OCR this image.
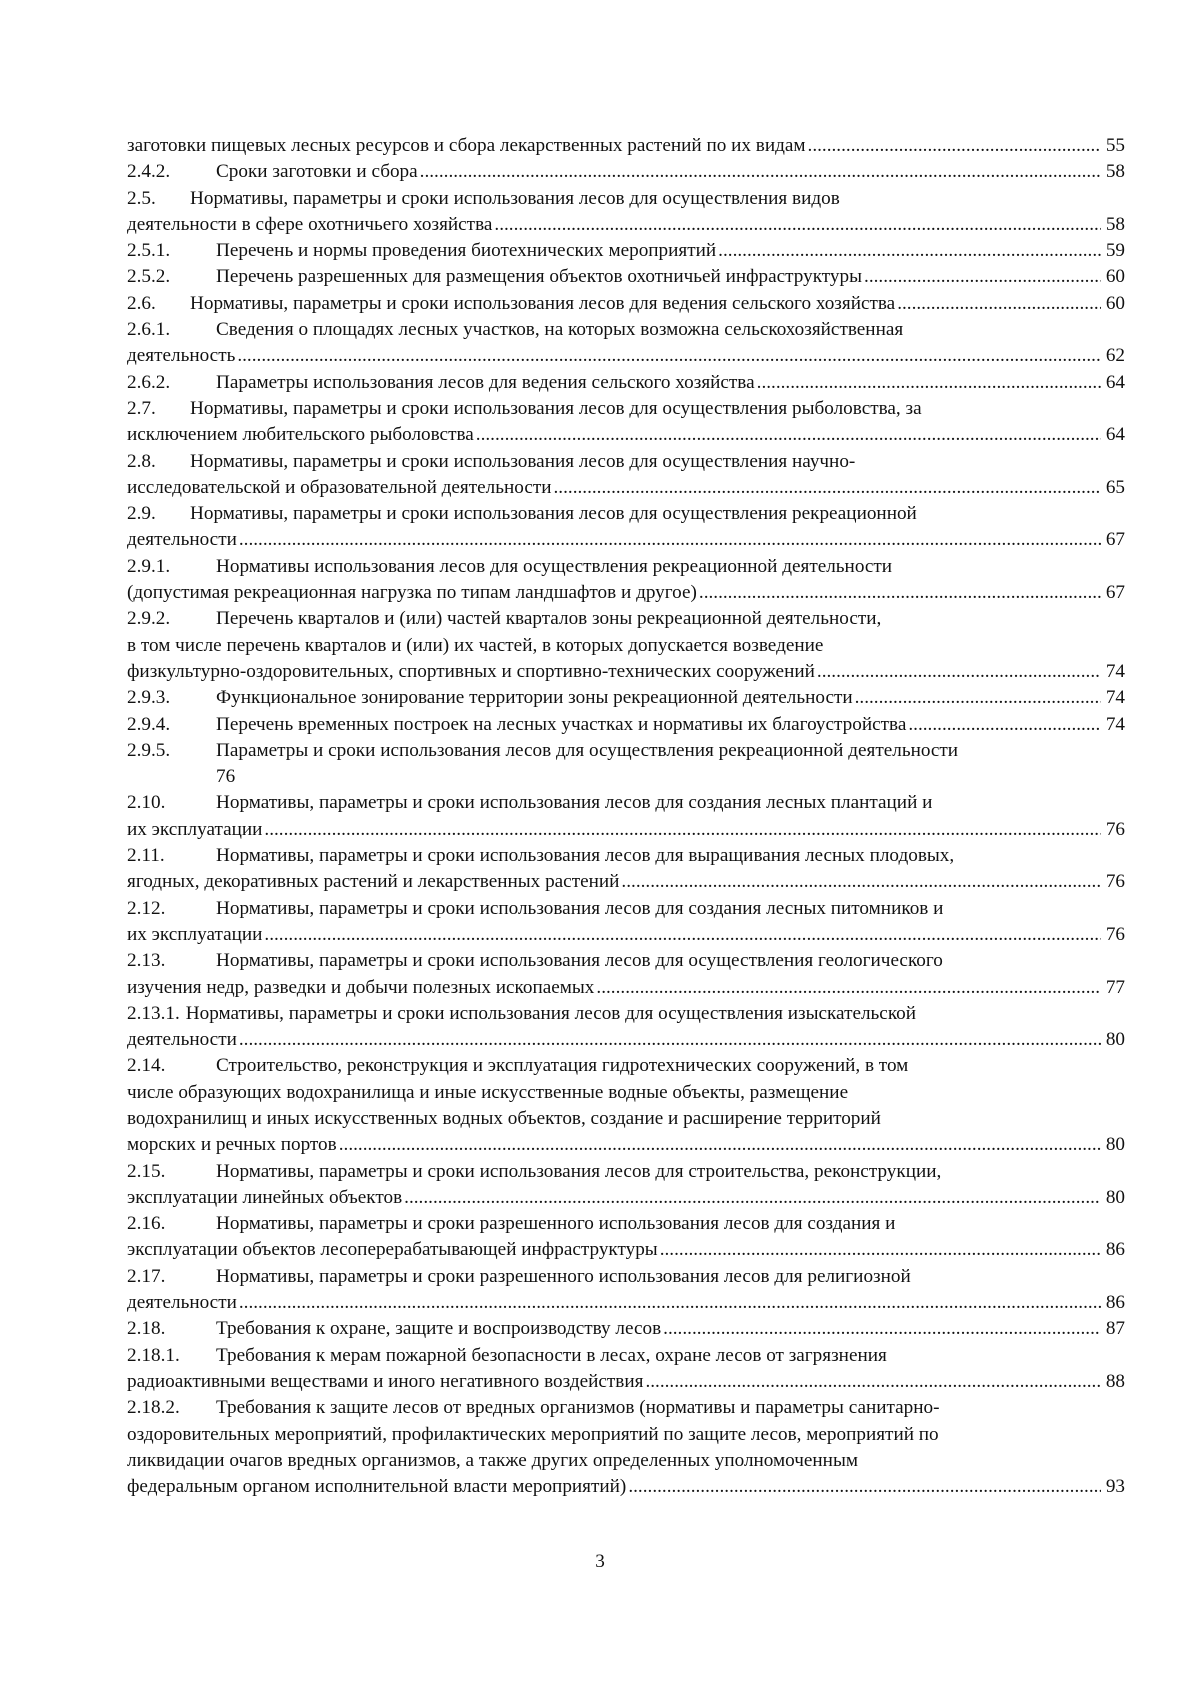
заготовки пищевых лесных ресурсов и сбора лекарственных растений по их видам .....	55
2.4.2.	Сроки заготовки и сбора .....	58
2.5.	Нормативы, параметры и сроки использования лесов для осуществления видов
деятельности в сфере охотничьего хозяйства .....	58
2.5.1.	Перечень и нормы проведения биотехнических мероприятий .....	59
2.5.2.	Перечень разрешенных для размещения объектов охотничьей инфраструктуры .....	60
2.6.	Нормативы, параметры и сроки использования лесов для ведения сельского хозяйства .....	60
2.6.1.	Сведения о площадях лесных участков, на которых возможна сельскохозяйственная
деятельность .....	62
2.6.2.	Параметры использования лесов для ведения сельского хозяйства .....	64
2.7.	Нормативы, параметры и сроки использования лесов для осуществления рыболовства, за
исключением любительского рыболовства .....	64
2.8.	Нормативы, параметры и сроки использования лесов для осуществления научно-
исследовательской и образовательной деятельности .....	65
2.9.	Нормативы, параметры и сроки использования лесов для осуществления рекреационной
деятельности .....	67
2.9.1.	Нормативы использования лесов для осуществления рекреационной деятельности
(допустимая рекреационная нагрузка по типам ландшафтов и другое) .....	67
2.9.2.	Перечень кварталов и (или) частей кварталов зоны рекреационной деятельности,
в том числе перечень кварталов и (или) их частей, в которых допускается возведение
физкультурно-оздоровительных, спортивных и спортивно-технических сооружений .....	74
2.9.3.	Функциональное зонирование территории зоны рекреационной деятельности .....	74
2.9.4.	Перечень временных построек на лесных участках и нормативы их благоустройства .....	74
2.9.5.	Параметры и сроки использования лесов для осуществления рекреационной деятельности
76
2.10.	Нормативы, параметры и сроки использования лесов для создания лесных плантаций и
их эксплуатации .....	76
2.11.	Нормативы, параметры и сроки использования лесов для выращивания лесных плодовых,
ягодных, декоративных растений и лекарственных растений .....	76
2.12.	Нормативы, параметры и сроки использования лесов для создания лесных питомников и
их эксплуатации .....	76
2.13.	Нормативы, параметры и сроки использования лесов для осуществления геологического
изучения недр, разведки и добычи полезных ископаемых .....	77
2.13.1. Нормативы, параметры и сроки использования лесов для осуществления изыскательской
деятельности .....	80
2.14.	Строительство, реконструкция и эксплуатация гидротехнических сооружений, в том
числе образующих водохранилища и иные искусственные водные объекты, размещение
водохранилищ и иных искусственных водных объектов, создание и расширение территорий
морских и речных портов .....	80
2.15.	Нормативы, параметры и сроки использования лесов для строительства, реконструкции,
эксплуатации линейных объектов .....	80
2.16.	Нормативы, параметры и сроки разрешенного использования лесов для создания и
эксплуатации объектов лесоперерабатывающей инфраструктуры .....	86
2.17.	Нормативы, параметры и сроки разрешенного использования лесов для религиозной
деятельности .....	86
2.18.	Требования к охране, защите и воспроизводству лесов .....	87
2.18.1.	Требования к мерам пожарной безопасности в лесах, охране лесов от загрязнения
радиоактивными веществами и иного негативного воздействия .....	88
2.18.2.	Требования к защите лесов от вредных организмов (нормативы и параметры санитарно-
оздоровительных мероприятий, профилактических мероприятий по защите лесов, мероприятий по
ликвидации очагов вредных организмов, а также других определенных уполномоченным
федеральным органом исполнительной власти мероприятий) .....	93
3
